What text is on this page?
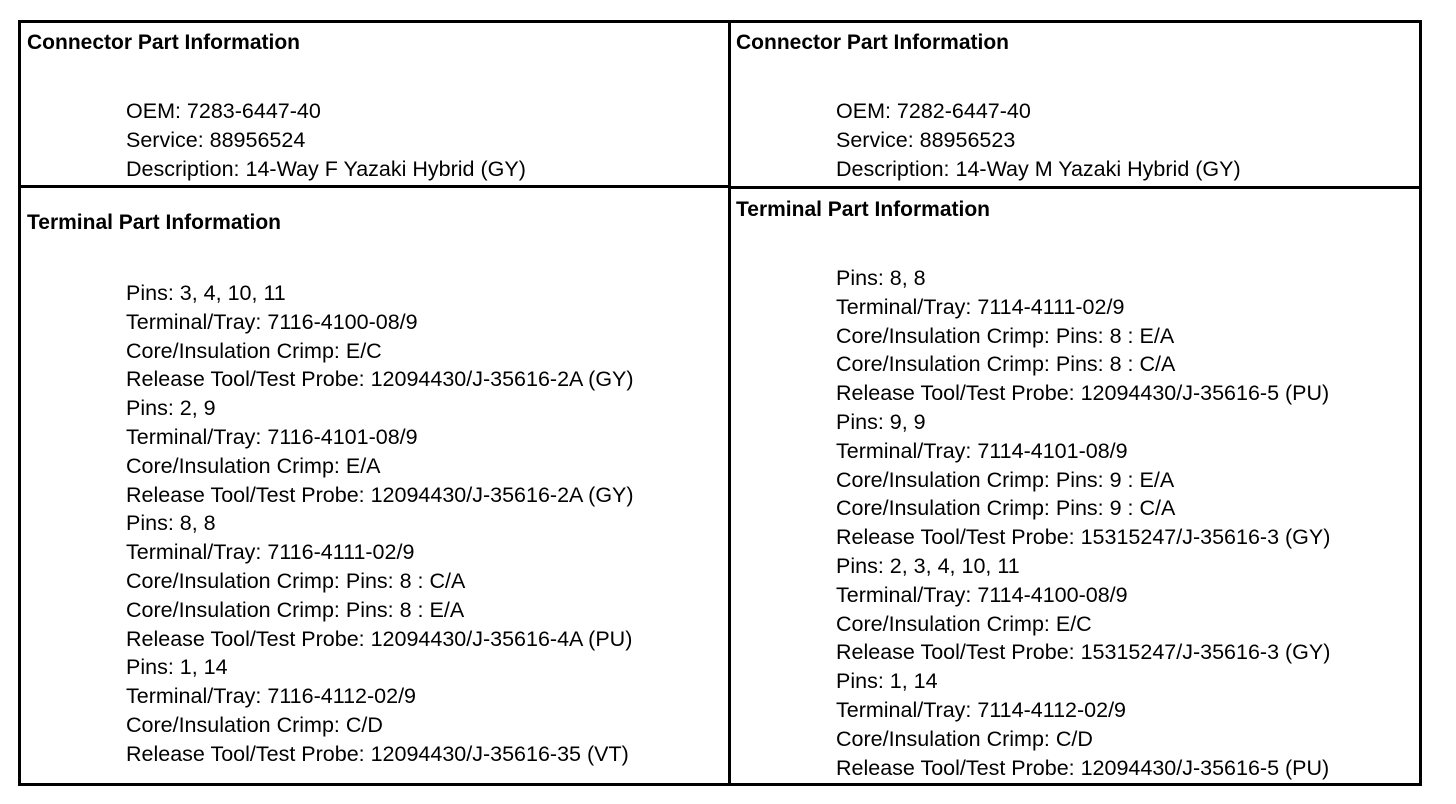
Connector Part Information
OEM: 7283-6447-40
Service: 88956524
Description: 14-Way F Yazaki Hybrid (GY)
Connector Part Information
OEM: 7282-6447-40
Service: 88956523
Description: 14-Way M Yazaki Hybrid (GY)
Terminal Part Information
Pins: 3, 4, 10, 11
Terminal/Tray: 7116-4100-08/9
Core/Insulation Crimp: E/C
Release Tool/Test Probe: 12094430/J-35616-2A (GY)
Pins: 2, 9
Terminal/Tray: 7116-4101-08/9
Core/Insulation Crimp: E/A
Release Tool/Test Probe: 12094430/J-35616-2A (GY)
Pins: 8, 8
Terminal/Tray: 7116-4111-02/9
Core/Insulation Crimp: Pins: 8 : C/A
Core/Insulation Crimp: Pins: 8 : E/A
Release Tool/Test Probe: 12094430/J-35616-4A (PU)
Pins: 1, 14
Terminal/Tray: 7116-4112-02/9
Core/Insulation Crimp: C/D
Release Tool/Test Probe: 12094430/J-35616-35 (VT)
Terminal Part Information
Pins: 8, 8
Terminal/Tray: 7114-4111-02/9
Core/Insulation Crimp: Pins: 8 : E/A
Core/Insulation Crimp: Pins: 8 : C/A
Release Tool/Test Probe: 12094430/J-35616-5 (PU)
Pins: 9, 9
Terminal/Tray: 7114-4101-08/9
Core/Insulation Crimp: Pins: 9 : E/A
Core/Insulation Crimp: Pins: 9 : C/A
Release Tool/Test Probe: 15315247/J-35616-3 (GY)
Pins: 2, 3, 4, 10, 11
Terminal/Tray: 7114-4100-08/9
Core/Insulation Crimp: E/C
Release Tool/Test Probe: 15315247/J-35616-3 (GY)
Pins: 1, 14
Terminal/Tray: 7114-4112-02/9
Core/Insulation Crimp: C/D
Release Tool/Test Probe: 12094430/J-35616-5 (PU)
